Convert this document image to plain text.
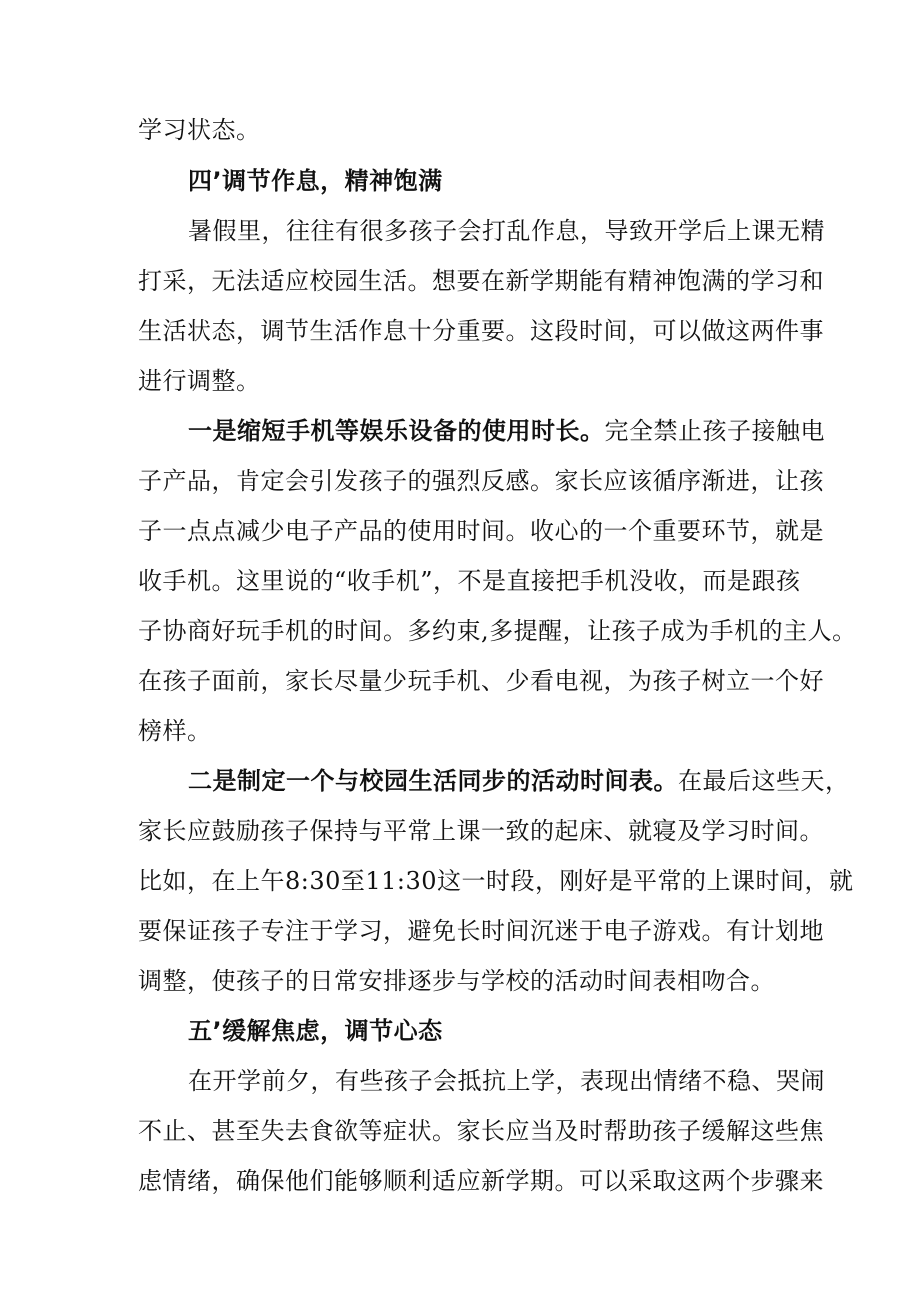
学习状态。
四’调节作息，精神饱满
暑假里，往往有很多孩子会打乱作息，导致开学后上课无精
打采，无法适应校园生活。想要在新学期能有精神饱满的学习和
生活状态，调节生活作息十分重要。这段时间，可以做这两件事
进行调整。
一是缩短手机等娱乐设备的使用时长。完全禁止孩子接触电
子产品，肯定会引发孩子的强烈反感。家长应该循序渐进，让孩
子一点点减少电子产品的使用时间。收心的一个重要环节，就是
收手机。这里说的“收手机”，不是直接把手机没收，而是跟孩
子协商好玩手机的时间。多约束,多提醒，让孩子成为手机的主人。
在孩子面前，家长尽量少玩手机、少看电视，为孩子树立一个好
榜样。
二是制定一个与校园生活同步的活动时间表。在最后这些天，
家长应鼓励孩子保持与平常上课一致的起床、就寝及学习时间。
比如，在上午8:30至11:30这一时段，刚好是平常的上课时间，就
要保证孩子专注于学习，避免长时间沉迷于电子游戏。有计划地
调整，使孩子的日常安排逐步与学校的活动时间表相吻合。
五’缓解焦虑，调节心态
在开学前夕，有些孩子会抵抗上学，表现出情绪不稳、哭闹
不止、甚至失去食欲等症状。家长应当及时帮助孩子缓解这些焦
虑情绪，确保他们能够顺利适应新学期。可以采取这两个步骤来
